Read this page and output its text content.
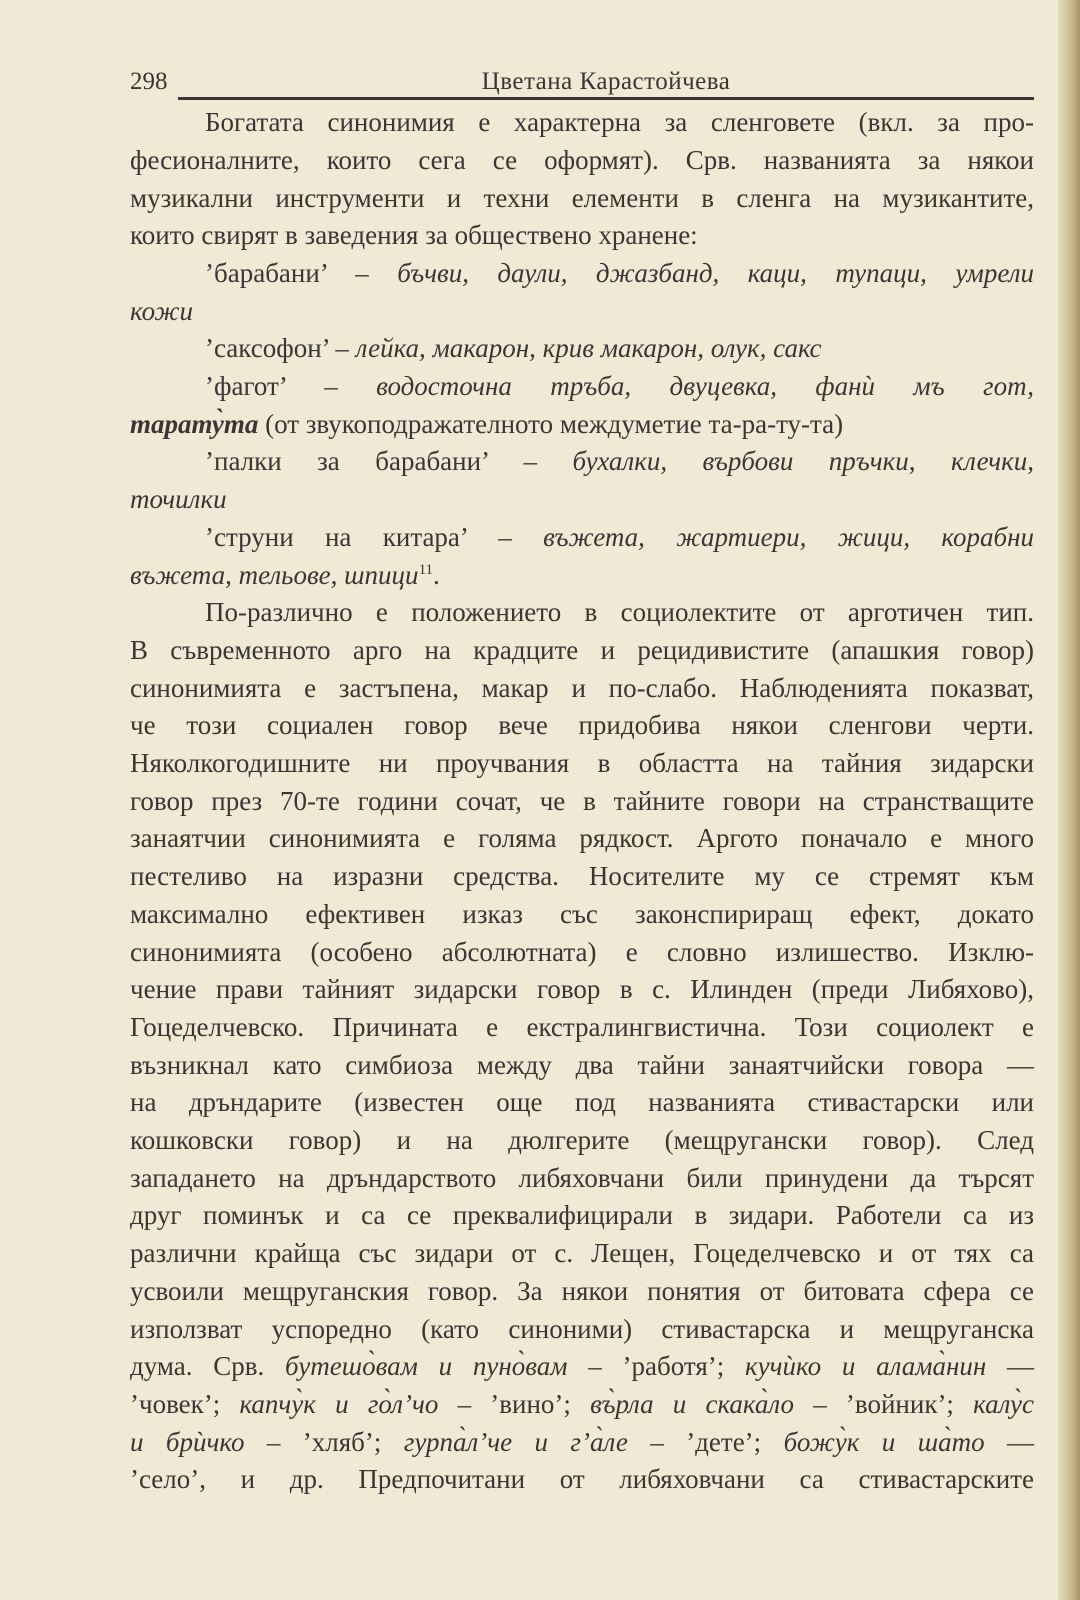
298	Цветана Карастойчева
Богатата синонимия е характерна за сленговете (вкл. за про-
фесионалните, които сега се оформят). Срв. названията за някои
музикални инструменти и техни елементи в сленга на музикантите,
които свирят в заведения за обществено хранене:
’барабани’ – бъчви, даули, джазбанд, каци, тупаци, умрели
кожи
’саксофон’ – лейка, макарон, крив макарон, олук, сакс
’фагот’ – водосточна тръба, двуцевка, фанѝ мъ гот,
тарату̀та (от звукоподражателното междуметие та-ра-ту-та)
’палки за барабани’ – бухалки, върбови пръчки, клечки,
точилки
’струни на китара’ – въжета, жартиери, жици, корабни
въжета, тельове, шпици$^{11}$.
По-различно е положението в социолектите от арготичен тип.
В съвременното арго на крадците и рецидивистите (апашкия говор)
синонимията е застъпена, макар и по-слабо. Наблюденията показват,
че този социален говор вече придобива някои сленгови черти.
Няколкогодишните ни проучвания в областта на тайния зидарски
говор през 70-те години сочат, че в тайните говори на странстващите
занаятчии синонимията е голяма рядкост. Аргото поначало е много
пестеливо на изразни средства. Носителите му се стремят към
максимално ефективен изказ със законспириращ ефект, докато
синонимията (особено абсолютната) е словно излишество. Изклю-
чение прави тайният зидарски говор в с. Илинден (преди Либяхово),
Гоцеделчевско. Причината е екстралингвистична. Този социолект е
възникнал като симбиоза между два тайни занаятчийски говора —
на дръндарите (известен още под названията стивастарски или
кошковски говор) и на дюлгерите (мещругански говор). След
западането на дръндарството либяховчани били принудени да търсят
друг поминък и са се преквалифицирали в зидари. Работели са из
различни крайща със зидари от с. Лещен, Гоцеделчевско и от тях са
усвоили мещруганския говор. За някои понятия от битовата сфера се
използват успоредно (като синоними) стивастарска и мещруганска
дума. Срв. бутешо̀вам и пуно̀вам – ’работя’; кучѝко и алама̀нин —
’човек’; капчу̀к и го̀л’чо – ’вино’; въ̀рла и скака̀ло – ’войник’; калу̀с
и брѝчко – ’хляб’; гурпа̀л’че и г’а̀ле – ’дете’; божу̀к и ша̀то —
’село’, и др. Предпочитани от либяховчани са стивастарските
